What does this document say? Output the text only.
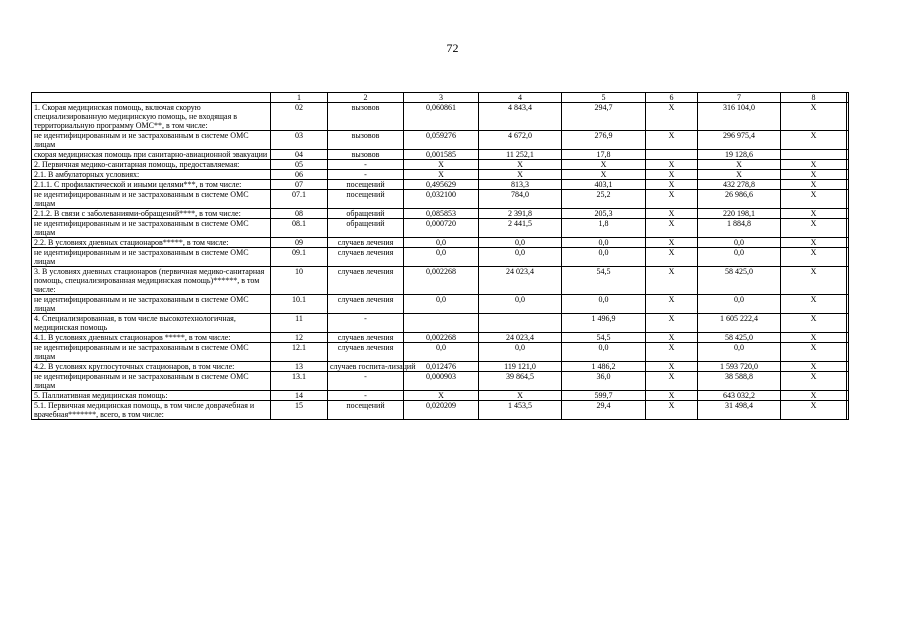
72
	1	2	3	4	5	6	7	8	
1. Скорая медицинская помощь, включая скорую специализированную медицинскую помощь, не входящая в территориальную программу ОМС**, в том числе:	02	вызовов	0,060861	4 843,4	294,7	X	316 104,0	X	
не идентифицированным и не застрахованным в системе ОМС лицам	03	вызовов	0,059276	4 672,0	276,9	X	296 975,4	X	
скорая медицинская помощь при санитарно-авиационной эвакуации	04	вызовов	0,001585	11 252,1	17,8		19 128,6		
2. Первичная медико-санитарная помощь, предоставляемая:	05	-	X	X	X	X	X	X	
2.1. В амбулаторных условиях:	06	-	X	X	X	X	X	X	
2.1.1. С профилактической и иными целями***, в том числе:	07	посещений	0,495629	813,3	403,1	X	432 278,8	X	
не идентифицированным и не застрахованным в системе ОМС лицам	07.1	посещений	0,032100	784,0	25,2	X	26 986,6	X	
2.1.2. В связи с заболеваниями-обращений****, в том числе:	08	обращений	0,085853	2 391,8	205,3	X	220 198,1	X	
не идентифицированным и не застрахованным в системе ОМС лицам	08.1	обращений	0,000720	2 441,5	1,8	X	1 884,8	X	
2.2. В условиях дневных стационаров*****, в том числе:	09	случаев лечения	0,0	0,0	0,0	X	0,0	X	
не идентифицированным и не застрахованным в системе ОМС лицам	09.1	случаев лечения	0,0	0,0	0,0	X	0,0	X	
3. В условиях дневных стационаров (первичная медико-санитарная помощь, специализированная медицинская помощь)******, в том числе:	10	случаев лечения	0,002268	24 023,4	54,5	X	58 425,0	X	
не идентифицированным и не застрахованным в системе ОМС лицам	10.1	случаев лечения	0,0	0,0	0,0	X	0,0	X	
4. Специализированная, в том числе высокотехнологичная, медицинская помощь	11	-			1 496,9	X	1 605 222,4	X	
4.1. В условиях дневных стационаров *****, в том числе:	12	случаев лечения	0,002268	24 023,4	54,5	X	58 425,0	X	
не идентифицированным и не застрахованным в системе ОМС лицам	12.1	случаев лечения	0,0	0,0	0,0	X	0,0	X	
4.2. В условиях круглосуточных стационаров, в том числе:	13	случаев госпита-лизаций	0,012476	119 121,0	1 486,2	X	1 593 720,0	X	
не идентифицированным и не застрахованным в системе ОМС лицам	13.1	-	0,000903	39 864,5	36,0	X	38 588,8	X	
5. Паллиативная медицинская помощь:	14	-	X	X	599,7	X	643 032,2	X	
5.1. Первичная медицинская помощь, в том числе доврачебная и врачебная*******, всего, в том числе:	15	посещений	0,020209	1 453,5	29,4	X	31 498,4	X	
